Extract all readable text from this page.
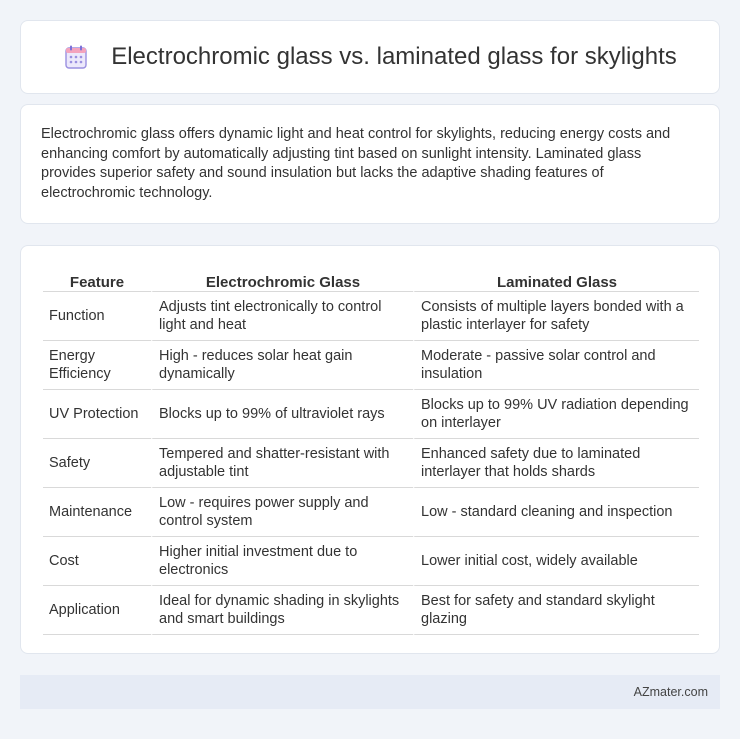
Electrochromic glass vs. laminated glass for skylights

Electrochromic glass offers dynamic light and heat control for skylights, reducing energy costs and enhancing comfort by automatically adjusting tint based on sunlight intensity. Laminated glass provides superior safety and sound insulation but lacks the adaptive shading features of electrochromic technology.

Feature	Electrochromic Glass	Laminated Glass
Function	Adjusts tint electronically to control light and heat	Consists of multiple layers bonded with a plastic interlayer for safety
Energy Efficiency	High - reduces solar heat gain dynamically	Moderate - passive solar control and insulation
UV Protection	Blocks up to 99% of ultraviolet rays	Blocks up to 99% UV radiation depending on interlayer
Safety	Tempered and shatter-resistant with adjustable tint	Enhanced safety due to laminated interlayer that holds shards
Maintenance	Low - requires power supply and control system	Low - standard cleaning and inspection
Cost	Higher initial investment due to electronics	Lower initial cost, widely available
Application	Ideal for dynamic shading in skylights and smart buildings	Best for safety and standard skylight glazing
AZmater.com
